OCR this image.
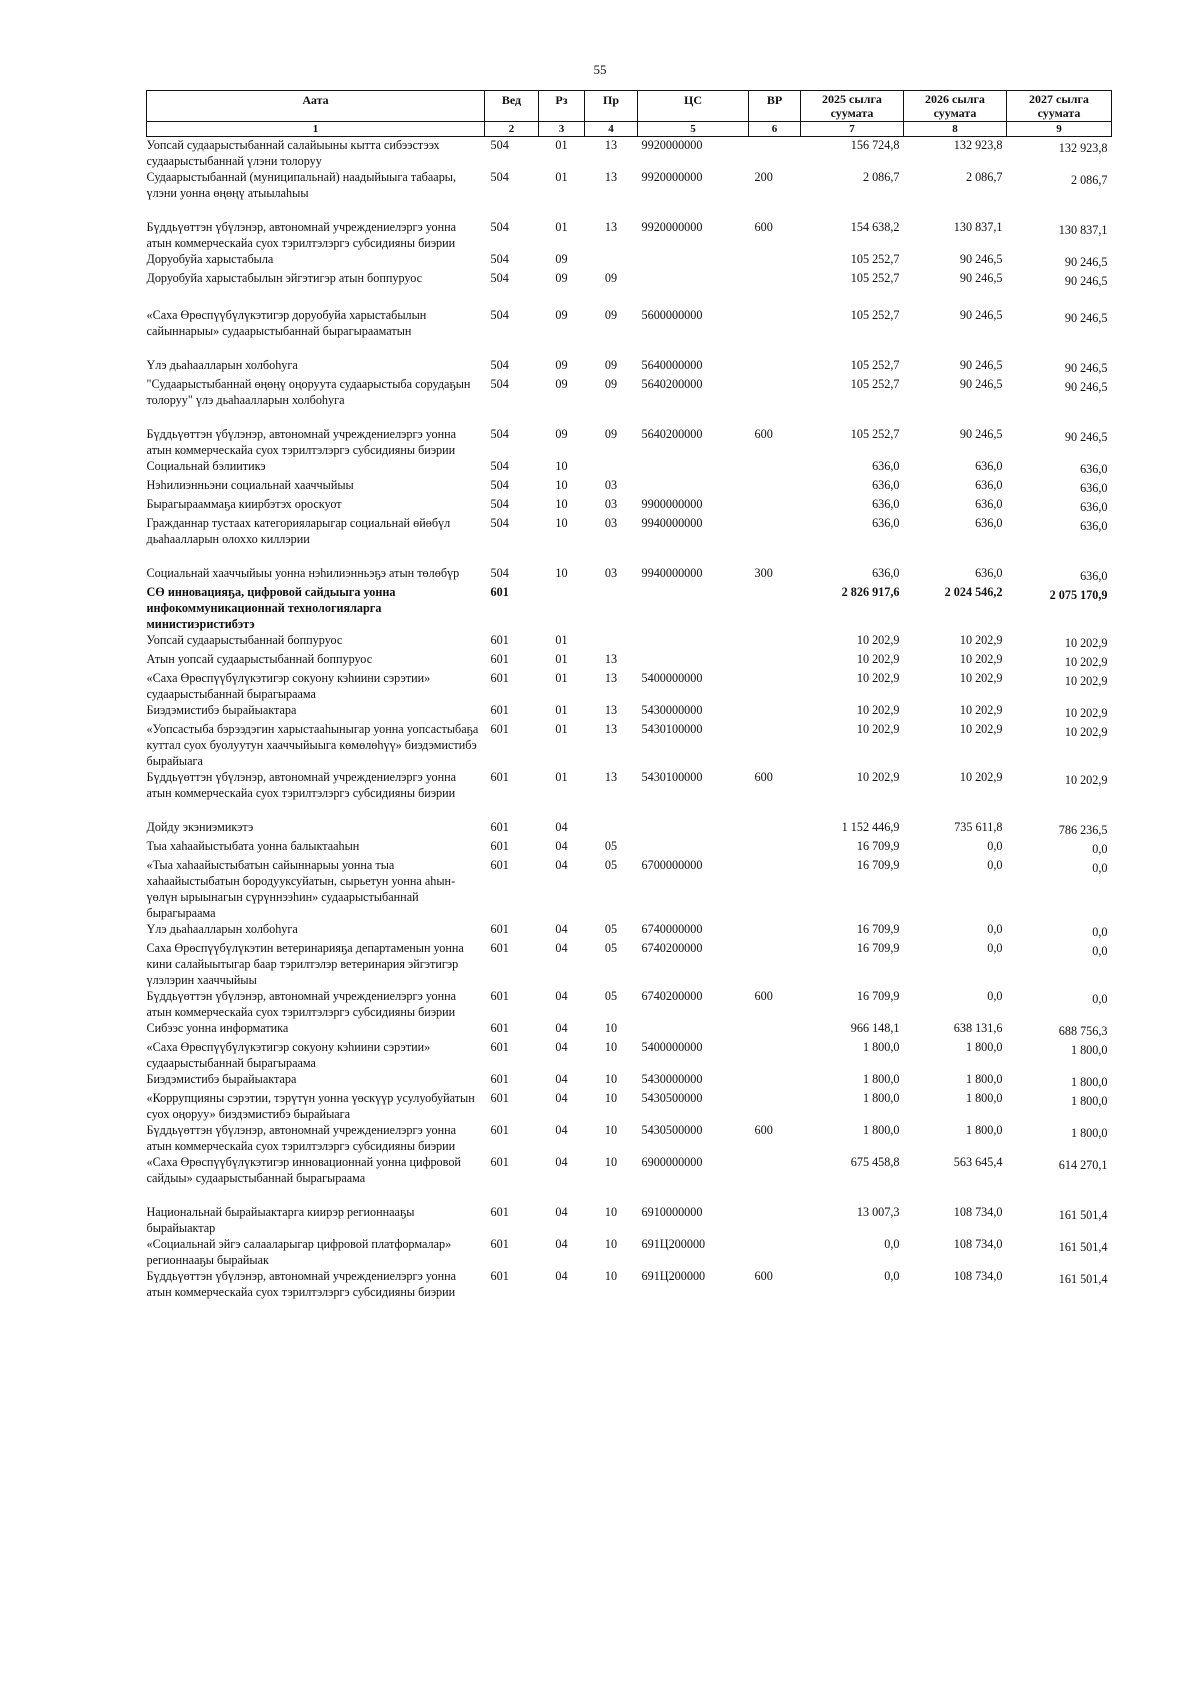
55
Аата	Вед	Рз	Пр	ЦС	ВР	2025 сылга суумата	2026 сылга суумата	2027 сылга суумата
1	2	3	4	5	6	7	8	9
Уопсай судаарыстыбаннай салайыыны кытта сибээстээх судаарыстыбаннай үлэни толоруу	504	01	13	9920000000		156 724,8	132 923,8	132 923,8
Судаарыстыбаннай (муниципальнай) наадыйыыга табаары, үлэни уонна өңөңү атыылаһыы	504	01	13	9920000000	200	2 086,7	2 086,7	2 086,7
Бүддьүөттэн үбүлэнэр, автономнай учреждениелэргэ уонна атын коммерческайа суох тэрилтэлэргэ субсидияны биэрии	504	01	13	9920000000	600	154 638,2	130 837,1	130 837,1
Доруобуйа харыстабыла	504	09				105 252,7	90 246,5	90 246,5
Доруобуйа харыстабылын эйгэтигэр атын боппуруос	504	09	09			105 252,7	90 246,5	90 246,5
«Саха Өрөспүүбүлүкэтигэр доруобуйа харыстабылын сайыннарыы» судаарыстыбаннай бырагырааматын	504	09	09	5600000000		105 252,7	90 246,5	90 246,5
Үлэ дьаһаалларын холбоһуга	504	09	09	5640000000		105 252,7	90 246,5	90 246,5
"Судаарыстыбаннай өңөңү оңоруута судаарыстыба сорудаҕын толоруу" үлэ дьаһаалларын холбоһуга	504	09	09	5640200000		105 252,7	90 246,5	90 246,5
Бүддьүөттэн үбүлэнэр, автономнай учреждениелэргэ уонна атын коммерческайа суох тэрилтэлэргэ субсидияны биэрии	504	09	09	5640200000	600	105 252,7	90 246,5	90 246,5
Социальнай бэлиитикэ	504	10				636,0	636,0	636,0
Нэһилиэнньэни социальнай хааччыйыы	504	10	03			636,0	636,0	636,0
Бырагырааммаҕа киирбэтэх ороскуот	504	10	03	9900000000		636,0	636,0	636,0
Гражданнар тустаах категорияларыгар социальнай өйөбүл дьаһаалларын олоххо киллэрии	504	10	03	9940000000		636,0	636,0	636,0
Социальнай хааччыйыы уонна нэһилиэнньэҕэ атын төлөбүр	504	10	03	9940000000	300	636,0	636,0	636,0
СӨ инновацияҕа, цифровой сайдыыга уонна инфокоммуникационнай технологияларга министиэристибэтэ	601					2 826 917,6	2 024 546,2	2 075 170,9
Уопсай судаарыстыбаннай боппуруос	601	01				10 202,9	10 202,9	10 202,9
Атын уопсай судаарыстыбаннай боппуруос	601	01	13			10 202,9	10 202,9	10 202,9
«Саха Өрөспүүбүлүкэтигэр сокуону кэһиини сэрэтии» судаарыстыбаннай бырагыраама	601	01	13	5400000000		10 202,9	10 202,9	10 202,9
Биэдэмистибэ бырайыактара	601	01	13	5430000000		10 202,9	10 202,9	10 202,9
«Уопсастыба бэрээдэгин харыстааһыныгар уонна уопсастыбаҕа куттал суох буолуутун хааччыйыыга көмөлөһүү» биэдэмистибэ бырайыага	601	01	13	5430100000		10 202,9	10 202,9	10 202,9
Бүддьүөттэн үбүлэнэр, автономнай учреждениелэргэ уонна атын коммерческайа суох тэрилтэлэргэ субсидияны биэрии	601	01	13	5430100000	600	10 202,9	10 202,9	10 202,9
Дойду экэниэмикэтэ	601	04				1 152 446,9	735 611,8	786 236,5
Тыа хаһаайыстыбата уонна балыктааһын	601	04	05			16 709,9	0,0	0,0
«Тыа хаһаайыстыбатын сайыннарыы уонна тыа хаһаайыстыбатын бородууксуйатын, сырьетун уонна аһын-үөлүн ырыынагын сүрүннээһин» судаарыстыбаннай бырагыраама	601	04	05	6700000000		16 709,9	0,0	0,0
Үлэ дьаһаалларын холбоһуга	601	04	05	6740000000		16 709,9	0,0	0,0
Саха Өрөспүүбүлүкэтин ветеринарияҕа департаменын уонна кини салайыытыгар баар тэрилтэлэр ветеринария эйгэтигэр үлэлэрин хааччыйыы	601	04	05	6740200000		16 709,9	0,0	0,0
Бүддьүөттэн үбүлэнэр, автономнай учреждениелэргэ уонна атын коммерческайа суох тэрилтэлэргэ субсидияны биэрии	601	04	05	6740200000	600	16 709,9	0,0	0,0
Сибээс уонна информатика	601	04	10			966 148,1	638 131,6	688 756,3
«Саха Өрөспүүбүлүкэтигэр сокуону кэһиини сэрэтии» судаарыстыбаннай бырагыраама	601	04	10	5400000000		1 800,0	1 800,0	1 800,0
Биэдэмистибэ бырайыактара	601	04	10	5430000000		1 800,0	1 800,0	1 800,0
«Коррупцияны сэрэтии, тэрүтүн уонна үөскүүр усулуобуйатын суох оңоруу» биэдэмистибэ бырайыага	601	04	10	5430500000		1 800,0	1 800,0	1 800,0
Бүддьүөттэн үбүлэнэр, автономнай учреждениелэргэ уонна атын коммерческайа суох тэрилтэлэргэ субсидияны биэрии	601	04	10	5430500000	600	1 800,0	1 800,0	1 800,0
«Саха Өрөспүүбүлүкэтигэр инновационнай уонна цифровой сайдыы» судаарыстыбаннай бырагыраама	601	04	10	6900000000		675 458,8	563 645,4	614 270,1
Национальнай бырайыактарга киирэр регионнааҕы бырайыактар	601	04	10	6910000000		13 007,3	108 734,0	161 501,4
«Социальнай эйгэ салааларыгар цифровой платформалар» регионнааҕы бырайыак	601	04	10	691Ц200000		0,0	108 734,0	161 501,4
Бүддьүөттэн үбүлэнэр, автономнай учреждениелэргэ уонна атын коммерческайа суох тэрилтэлэргэ субсидияны биэрии	601	04	10	691Ц200000	600	0,0	108 734,0	161 501,4
